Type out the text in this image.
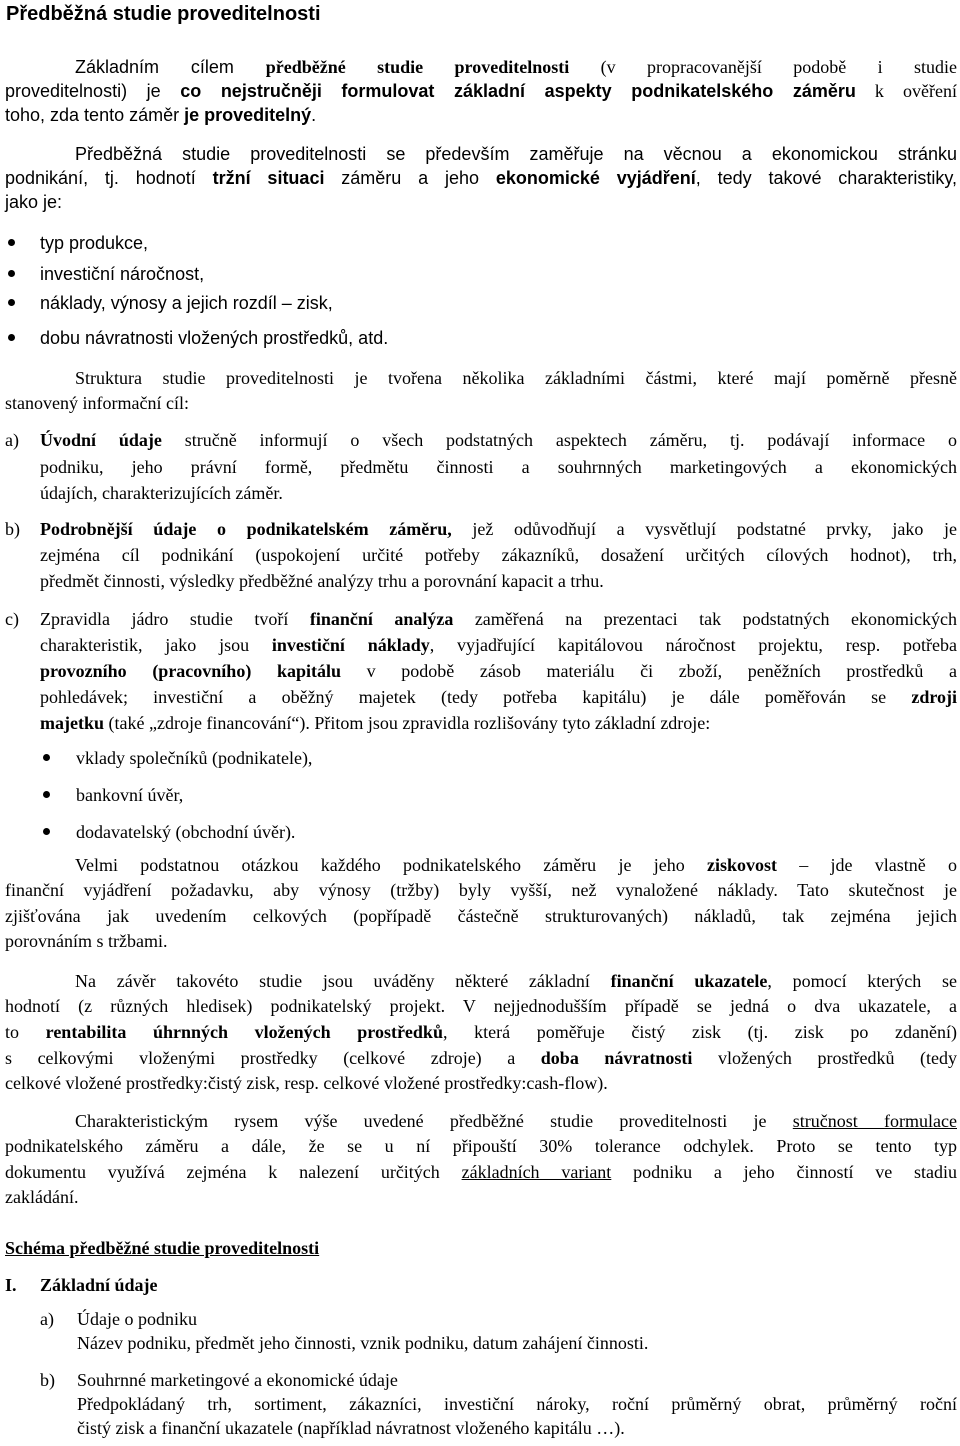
Předběžná studie proveditelnosti
Základním cílem předběžné studie proveditelnosti (v propracovanější podobě i studie
proveditelnosti) je co nejstručněji formulovat základní aspekty podnikatelského záměru k ověření
toho, zda tento záměr je proveditelný.
Předběžná studie proveditelnosti se především zaměřuje na věcnou a ekonomickou stránku
podnikání, tj. hodnotí tržní situaci záměru a jeho ekonomické vyjádření, tedy takové charakteristiky,
jako je:
typ produkce,
investiční náročnost,
náklady, výnosy a jejich rozdíl – zisk,
dobu návratnosti vložených prostředků, atd.
Struktura studie proveditelnosti je tvořena několika základními částmi, které mají poměrně přesně
stanovený informační cíl:
a) Úvodní údaje stručně informují o všech podstatných aspektech záměru, tj. podávají informace o
podniku, jeho právní formě, předmětu činnosti a souhrnných marketingových a ekonomických
údajích, charakterizujících záměr.
b) Podrobnější údaje o podnikatelském záměru, jež odůvodňují a vysvětlují podstatné prvky, jako je
zejména cíl podnikání (uspokojení určité potřeby zákazníků, dosažení určitých cílových hodnot), trh,
předmět činnosti, výsledky předběžné analýzy trhu a porovnání kapacit a trhu.
c) Zpravidla jádro studie tvoří finanční analýza zaměřená na prezentaci tak podstatných ekonomických
charakteristik, jako jsou investiční náklady, vyjadřující kapitálovou náročnost projektu, resp. potřeba
provozního (pracovního) kapitálu v podobě zásob materiálu či zboží, peněžních prostředků a
pohledávek; investiční a oběžný majetek (tedy potřeba kapitálu) je dále poměřován se zdroji
majetku (také „zdroje financování“). Přitom jsou zpravidla rozlišovány tyto základní zdroje:
vklady společníků (podnikatele),
bankovní úvěr,
dodavatelský (obchodní úvěr).
Velmi podstatnou otázkou každého podnikatelského záměru je jeho ziskovost – jde vlastně o
finanční vyjádření požadavku, aby výnosy (tržby) byly vyšší, než vynaložené náklady. Tato skutečnost je
zjišťována jak uvedením celkových (popřípadě částečně strukturovaných) nákladů, tak zejména jejich
porovnáním s tržbami.
Na závěr takovéto studie jsou uváděny některé základní finanční ukazatele, pomocí kterých se
hodnotí (z různých hledisek) podnikatelský projekt. V nejjednodušším případě se jedná o dva ukazatele, a
to rentabilita úhrnných vložených prostředků, která poměřuje čistý zisk (tj. zisk po zdanění)
s celkovými vloženými prostředky (celkové zdroje) a doba návratnosti vložených prostředků (tedy
celkové vložené prostředky:čistý zisk, resp. celkové vložené prostředky:cash-flow).
Charakteristickým rysem výše uvedené předběžné studie proveditelnosti je stručnost formulace
podnikatelského záměru a dále, že se u ní připouští 30% tolerance odchylek. Proto se tento typ
dokumentu využívá zejména k nalezení určitých základních variant podniku a jeho činností ve stadiu
zakládání.
Schéma předběžné studie proveditelnosti
I. Základní údaje
a) Údaje o podniku
Název podniku, předmět jeho činnosti, vznik podniku, datum zahájení činnosti.
b) Souhrnné marketingové a ekonomické údaje
Předpokládaný trh, sortiment, zákazníci, investiční nároky, roční průměrný obrat, průměrný roční
čistý zisk a finanční ukazatele (například návratnost vloženého kapitálu …).
